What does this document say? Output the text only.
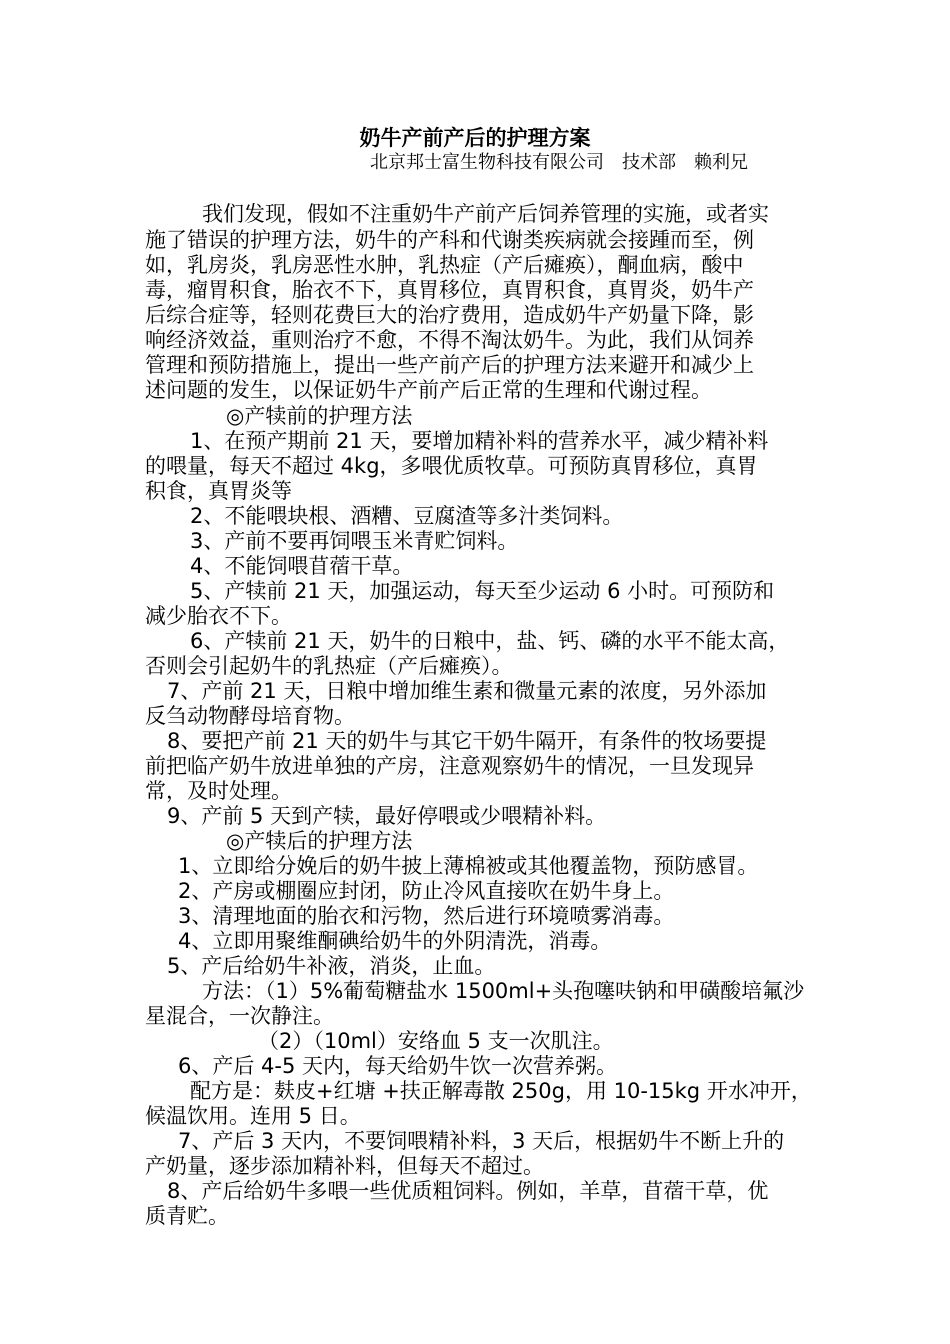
奶牛产前产后的护理方案
北京邦士富生物科技有限公司　技术部　赖利兄
我们发现，假如不注重奶牛产前产后饲养管理的实施，或者实
施了错误的护理方法，奶牛的产科和代谢类疾病就会接踵而至，例
如，乳房炎，乳房恶性水肿，乳热症（产后瘫痪），酮血病，酸中
毒，瘤胃积食，胎衣不下，真胃移位，真胃积食，真胃炎，奶牛产
后综合症等，轻则花费巨大的治疗费用，造成奶牛产奶量下降，影
响经济效益，重则治疗不愈，不得不淘汰奶牛。为此，我们从饲养
管理和预防措施上，提出一些产前产后的护理方法来避开和减少上
述问题的发生，以保证奶牛产前产后正常的生理和代谢过程。
◎产犊前的护理方法
1、在预产期前 21 天，要增加精补料的营养水平，减少精补料
的喂量，每天不超过 4kg，多喂优质牧草。可预防真胃移位，真胃
积食，真胃炎等
2、不能喂块根、酒糟、豆腐渣等多汁类饲料。
3、产前不要再饲喂玉米青贮饲料。
4、不能饲喂苜蓿干草。
5、产犊前 21 天，加强运动，每天至少运动 6 小时。可预防和
减少胎衣不下。
6、产犊前 21 天，奶牛的日粮中，盐、钙、磷的水平不能太高，
否则会引起奶牛的乳热症（产后瘫痪）。
7、产前 21 天，日粮中增加维生素和微量元素的浓度，另外添加
反刍动物酵母培育物。
8、要把产前 21 天的奶牛与其它干奶牛隔开，有条件的牧场要提
前把临产奶牛放进单独的产房，注意观察奶牛的情况，一旦发现异
常，及时处理。
9、产前 5 天到产犊，最好停喂或少喂精补料。
◎产犊后的护理方法
1、立即给分娩后的奶牛披上薄棉被或其他覆盖物，预防感冒。
2、产房或棚圈应封闭，防止冷风直接吹在奶牛身上。
3、清理地面的胎衣和污物，然后进行环境喷雾消毒。
4、立即用聚维酮碘给奶牛的外阴清洗，消毒。
5、产后给奶牛补液，消炎，止血。
方法：（1）5%葡萄糖盐水 1500ml+头孢噻呋钠和甲磺酸培氟沙
星混合，一次静注。
（2）（10ml）安络血 5 支一次肌注。
6、产后 4-5 天内，每天给奶牛饮一次营养粥。
配方是：麸皮+红塘 +扶正解毒散 250g，用 10-15kg 开水冲开，
候温饮用。连用 5 日。
7、产后 3 天内，不要饲喂精补料，3 天后，根据奶牛不断上升的
产奶量，逐步添加精补料，但每天不超过。
8、产后给奶牛多喂一些优质粗饲料。例如，羊草，苜蓿干草，优
质青贮。
